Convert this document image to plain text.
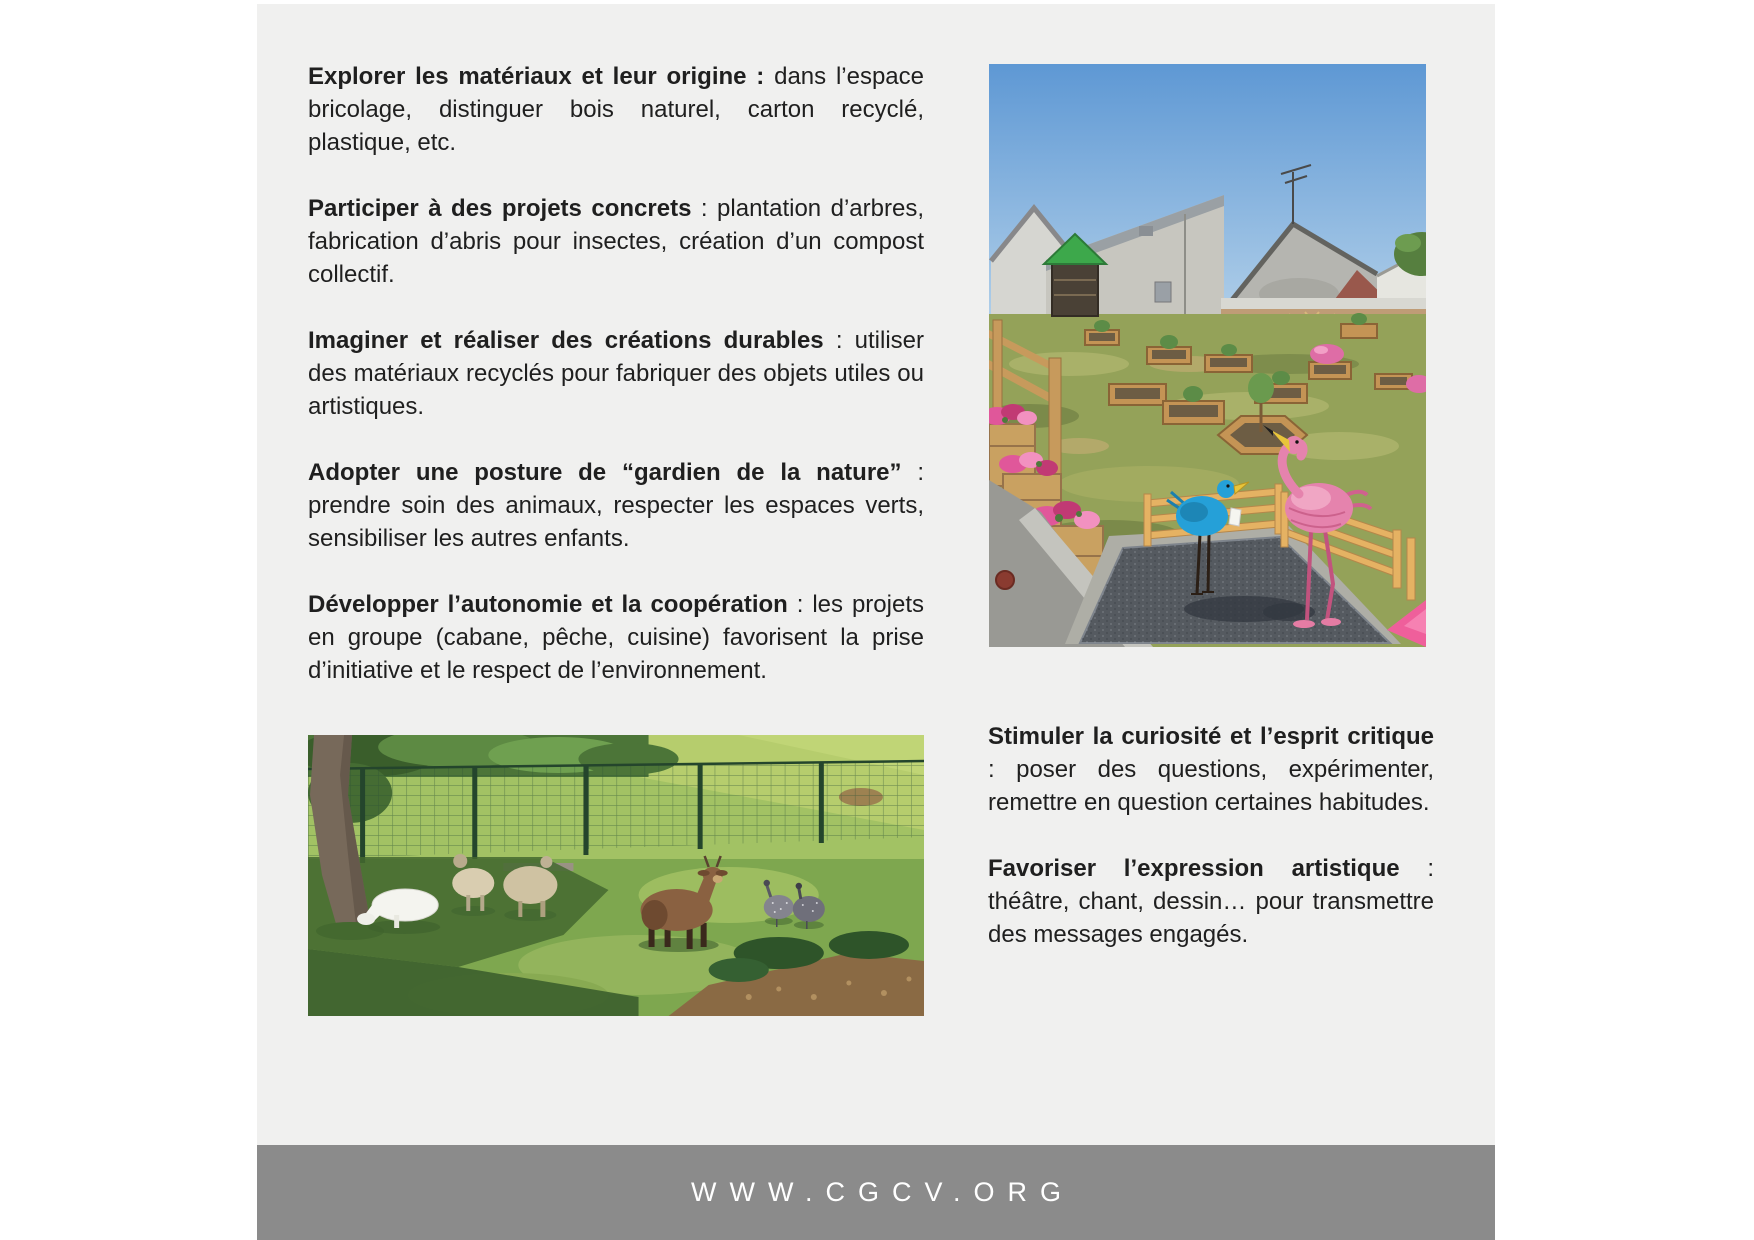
Explorer les matériaux et leur origine : dans l’espace bricolage, distinguer bois naturel, carton recyclé, plastique, etc.

Participer à des projets concrets : plantation d’arbres, fabrication d’abris pour insectes, création d’un compost collectif.

Imaginer et réaliser des créations durables : utiliser des matériaux recyclés pour fabriquer des objets utiles ou artistiques.

Adopter une posture de “gardien de la nature” : prendre soin des animaux, respecter les espaces verts, sensibiliser les autres enfants.

Développer l’autonomie et la coopération : les projets en groupe (cabane, pêche, cuisine) favorisent la prise d’initiative et le respect de l’environnement.

Stimuler la curiosité et l’esprit critique : poser des questions, expérimenter, remettre en question certaines habitudes.

Favoriser l’expression artistique : théâtre, chant, dessin… pour transmettre des messages engagés.

WWW.CGCV.ORG
